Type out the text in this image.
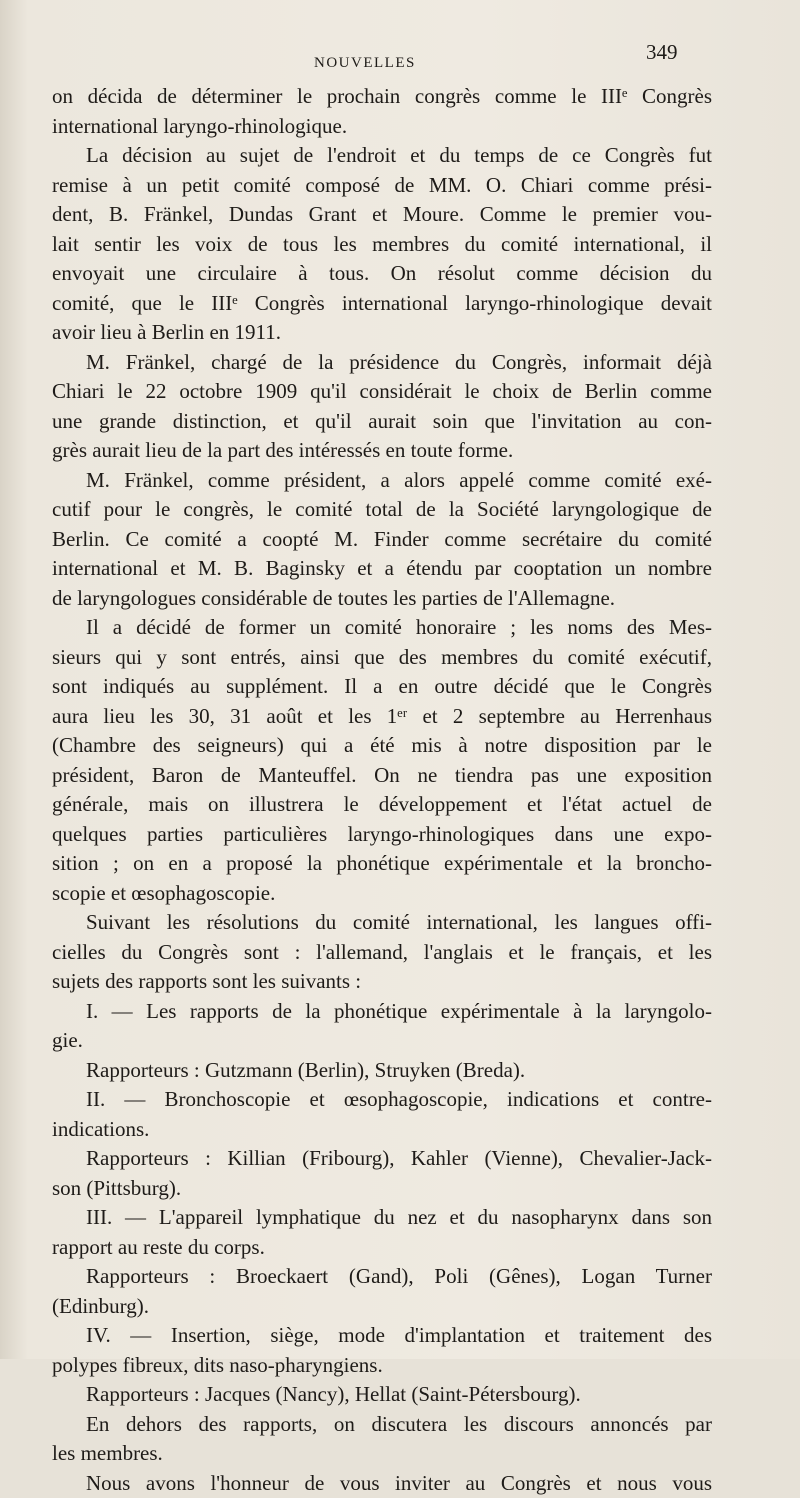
NOUVELLES	349
on décida de déterminer le prochain congrès comme le IIIᵉ Congrès
international laryngo-rhinologique.
La décision au sujet de l'endroit et du temps de ce Congrès fut
remise à un petit comité composé de MM. O. Chiari comme prési-
dent, B. Fränkel, Dundas Grant et Moure. Comme le premier vou-
lait sentir les voix de tous les membres du comité international, il
envoyait une circulaire à tous. On résolut comme décision du
comité, que le IIIᵉ Congrès international laryngo-rhinologique devait
avoir lieu à Berlin en 1911.
M. Fränkel, chargé de la présidence du Congrès, informait déjà
Chiari le 22 octobre 1909 qu'il considérait le choix de Berlin comme
une grande distinction, et qu'il aurait soin que l'invitation au con-
grès aurait lieu de la part des intéressés en toute forme.
M. Fränkel, comme président, a alors appelé comme comité exé-
cutif pour le congrès, le comité total de la Société laryngologique de
Berlin. Ce comité a coopté M. Finder comme secrétaire du comité
international et M. B. Baginsky et a étendu par cooptation un nombre
de laryngologues considérable de toutes les parties de l'Allemagne.
Il a décidé de former un comité honoraire ; les noms des Mes-
sieurs qui y sont entrés, ainsi que des membres du comité exécutif,
sont indiqués au supplément. Il a en outre décidé que le Congrès
aura lieu les 30, 31 août et les 1ᵉʳ et 2 septembre au Herrenhaus
(Chambre des seigneurs) qui a été mis à notre disposition par le
président, Baron de Manteuffel. On ne tiendra pas une exposition
générale, mais on illustrera le développement et l'état actuel de
quelques parties particulières laryngo-rhinologiques dans une expo-
sition ; on en a proposé la phonétique expérimentale et la broncho-
scopie et œsophagoscopie.
Suivant les résolutions du comité international, les langues offi-
cielles du Congrès sont : l'allemand, l'anglais et le français, et les
sujets des rapports sont les suivants :
I. — Les rapports de la phonétique expérimentale à la laryngolo-
gie.
Rapporteurs : Gutzmann (Berlin), Struyken (Breda).
II. — Bronchoscopie et œsophagoscopie, indications et contre-
indications.
Rapporteurs : Killian (Fribourg), Kahler (Vienne), Chevalier-Jack-
son (Pittsburg).
III. — L'appareil lymphatique du nez et du nasopharynx dans son
rapport au reste du corps.
Rapporteurs : Broeckaert (Gand), Poli (Gênes), Logan Turner
(Edinburg).
IV. — Insertion, siège, mode d'implantation et traitement des
polypes fibreux, dits naso-pharyngiens.
Rapporteurs : Jacques (Nancy), Hellat (Saint-Pétersbourg).
En dehors des rapports, on discutera les discours annoncés par
les membres.
Nous avons l'honneur de vous inviter au Congrès et nous vous
